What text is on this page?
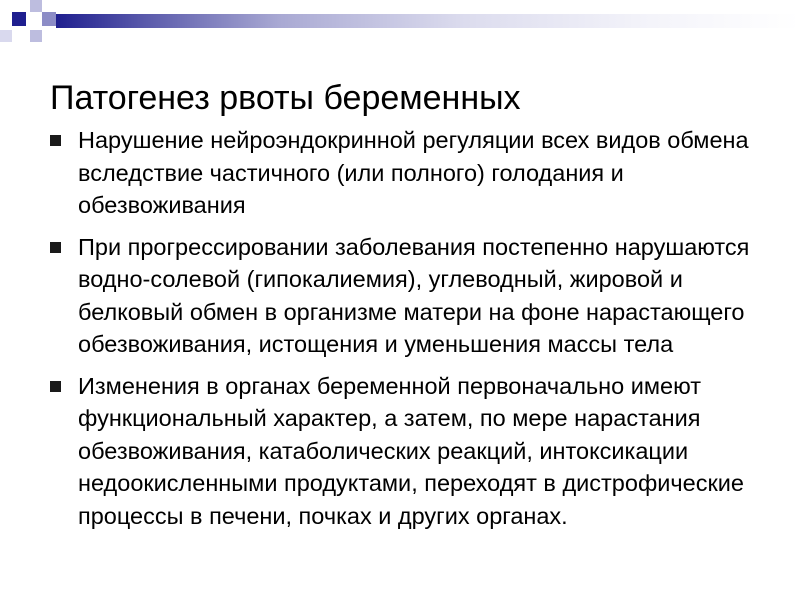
Патогенез рвоты беременных
Нарушение нейроэндокринной регуляции всех видов обмена вследствие частичного (или полного) голодания и обезвоживания
При прогрессировании заболевания постепенно нарушаются водно-солевой (гипокалиемия), углеводный, жировой и белковый обмен в организме матери на фоне нарастающего обезвоживания, истощения и уменьшения массы тела
Изменения в органах беременной первоначально имеют функциональный характер, а затем, по мере нарастания обезвоживания, катаболических реакций, интоксикации недоокисленными продуктами, переходят в дистрофические процессы в печени, почках и других органах.
